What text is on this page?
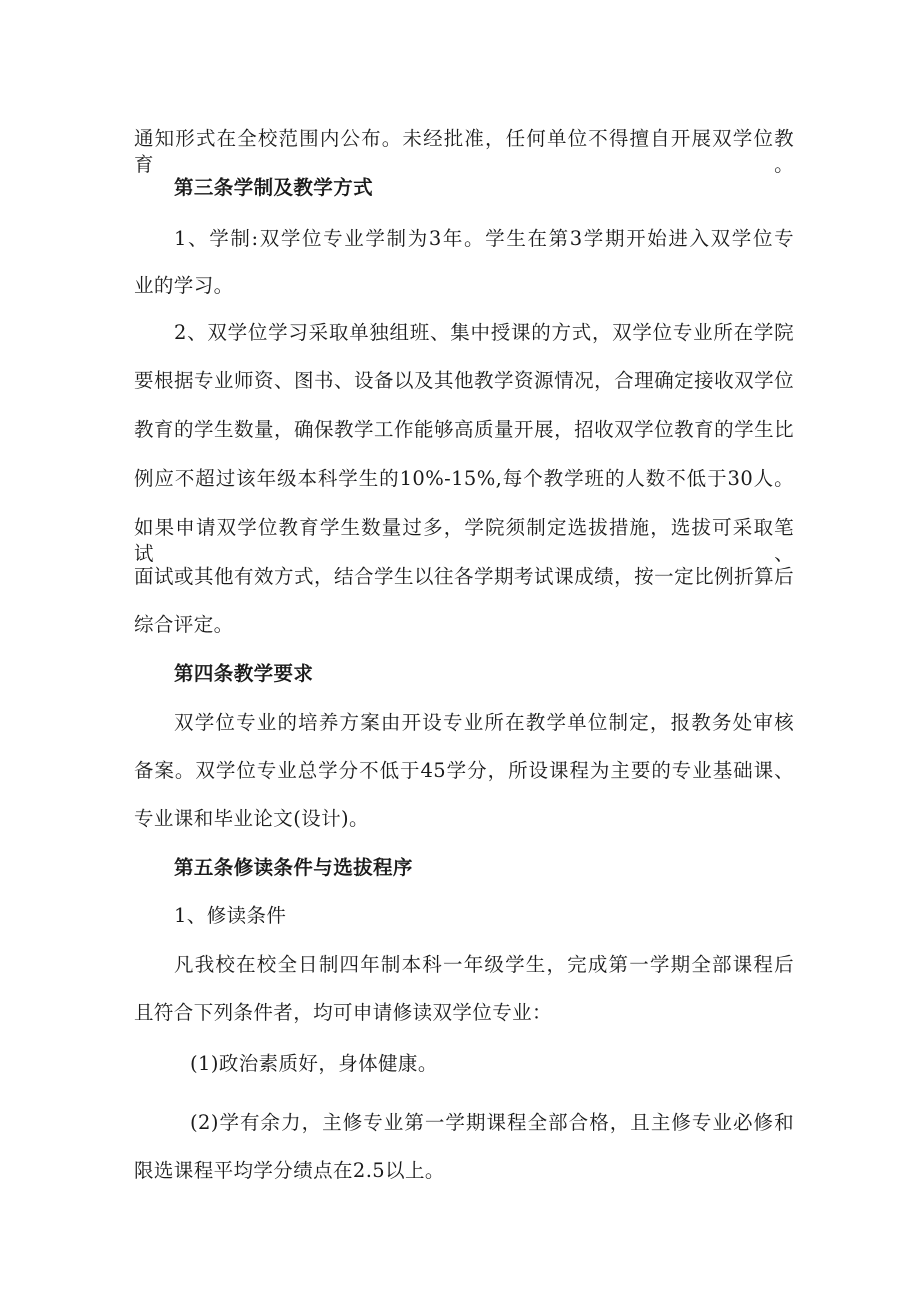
通知形式在全校范围内公布。未经批准，任何单位不得擅自开展双学位教育。
第三条学制及教学方式
1、学制:双学位专业学制为3年。学生在第3学期开始进入双学位专
业的学习。
2、双学位学习采取单独组班、集中授课的方式，双学位专业所在学院
要根据专业师资、图书、设备以及其他教学资源情况，合理确定接收双学位
教育的学生数量，确保教学工作能够高质量开展，招收双学位教育的学生比
例应不超过该年级本科学生的10%-15%,每个教学班的人数不低于30人。
如果申请双学位教育学生数量过多，学院须制定选拔措施，选拔可采取笔试、
面试或其他有效方式，结合学生以往各学期考试课成绩，按一定比例折算后
综合评定。
第四条教学要求
双学位专业的培养方案由开设专业所在教学单位制定，报教务处审核
备案。双学位专业总学分不低于45学分，所设课程为主要的专业基础课、
专业课和毕业论文(设计)。
第五条修读条件与选拔程序
1、修读条件
凡我校在校全日制四年制本科一年级学生，完成第一学期全部课程后
且符合下列条件者，均可申请修读双学位专业：
(1)政治素质好，身体健康。
(2)学有余力，主修专业第一学期课程全部合格，且主修专业必修和
限选课程平均学分绩点在2.5以上。
